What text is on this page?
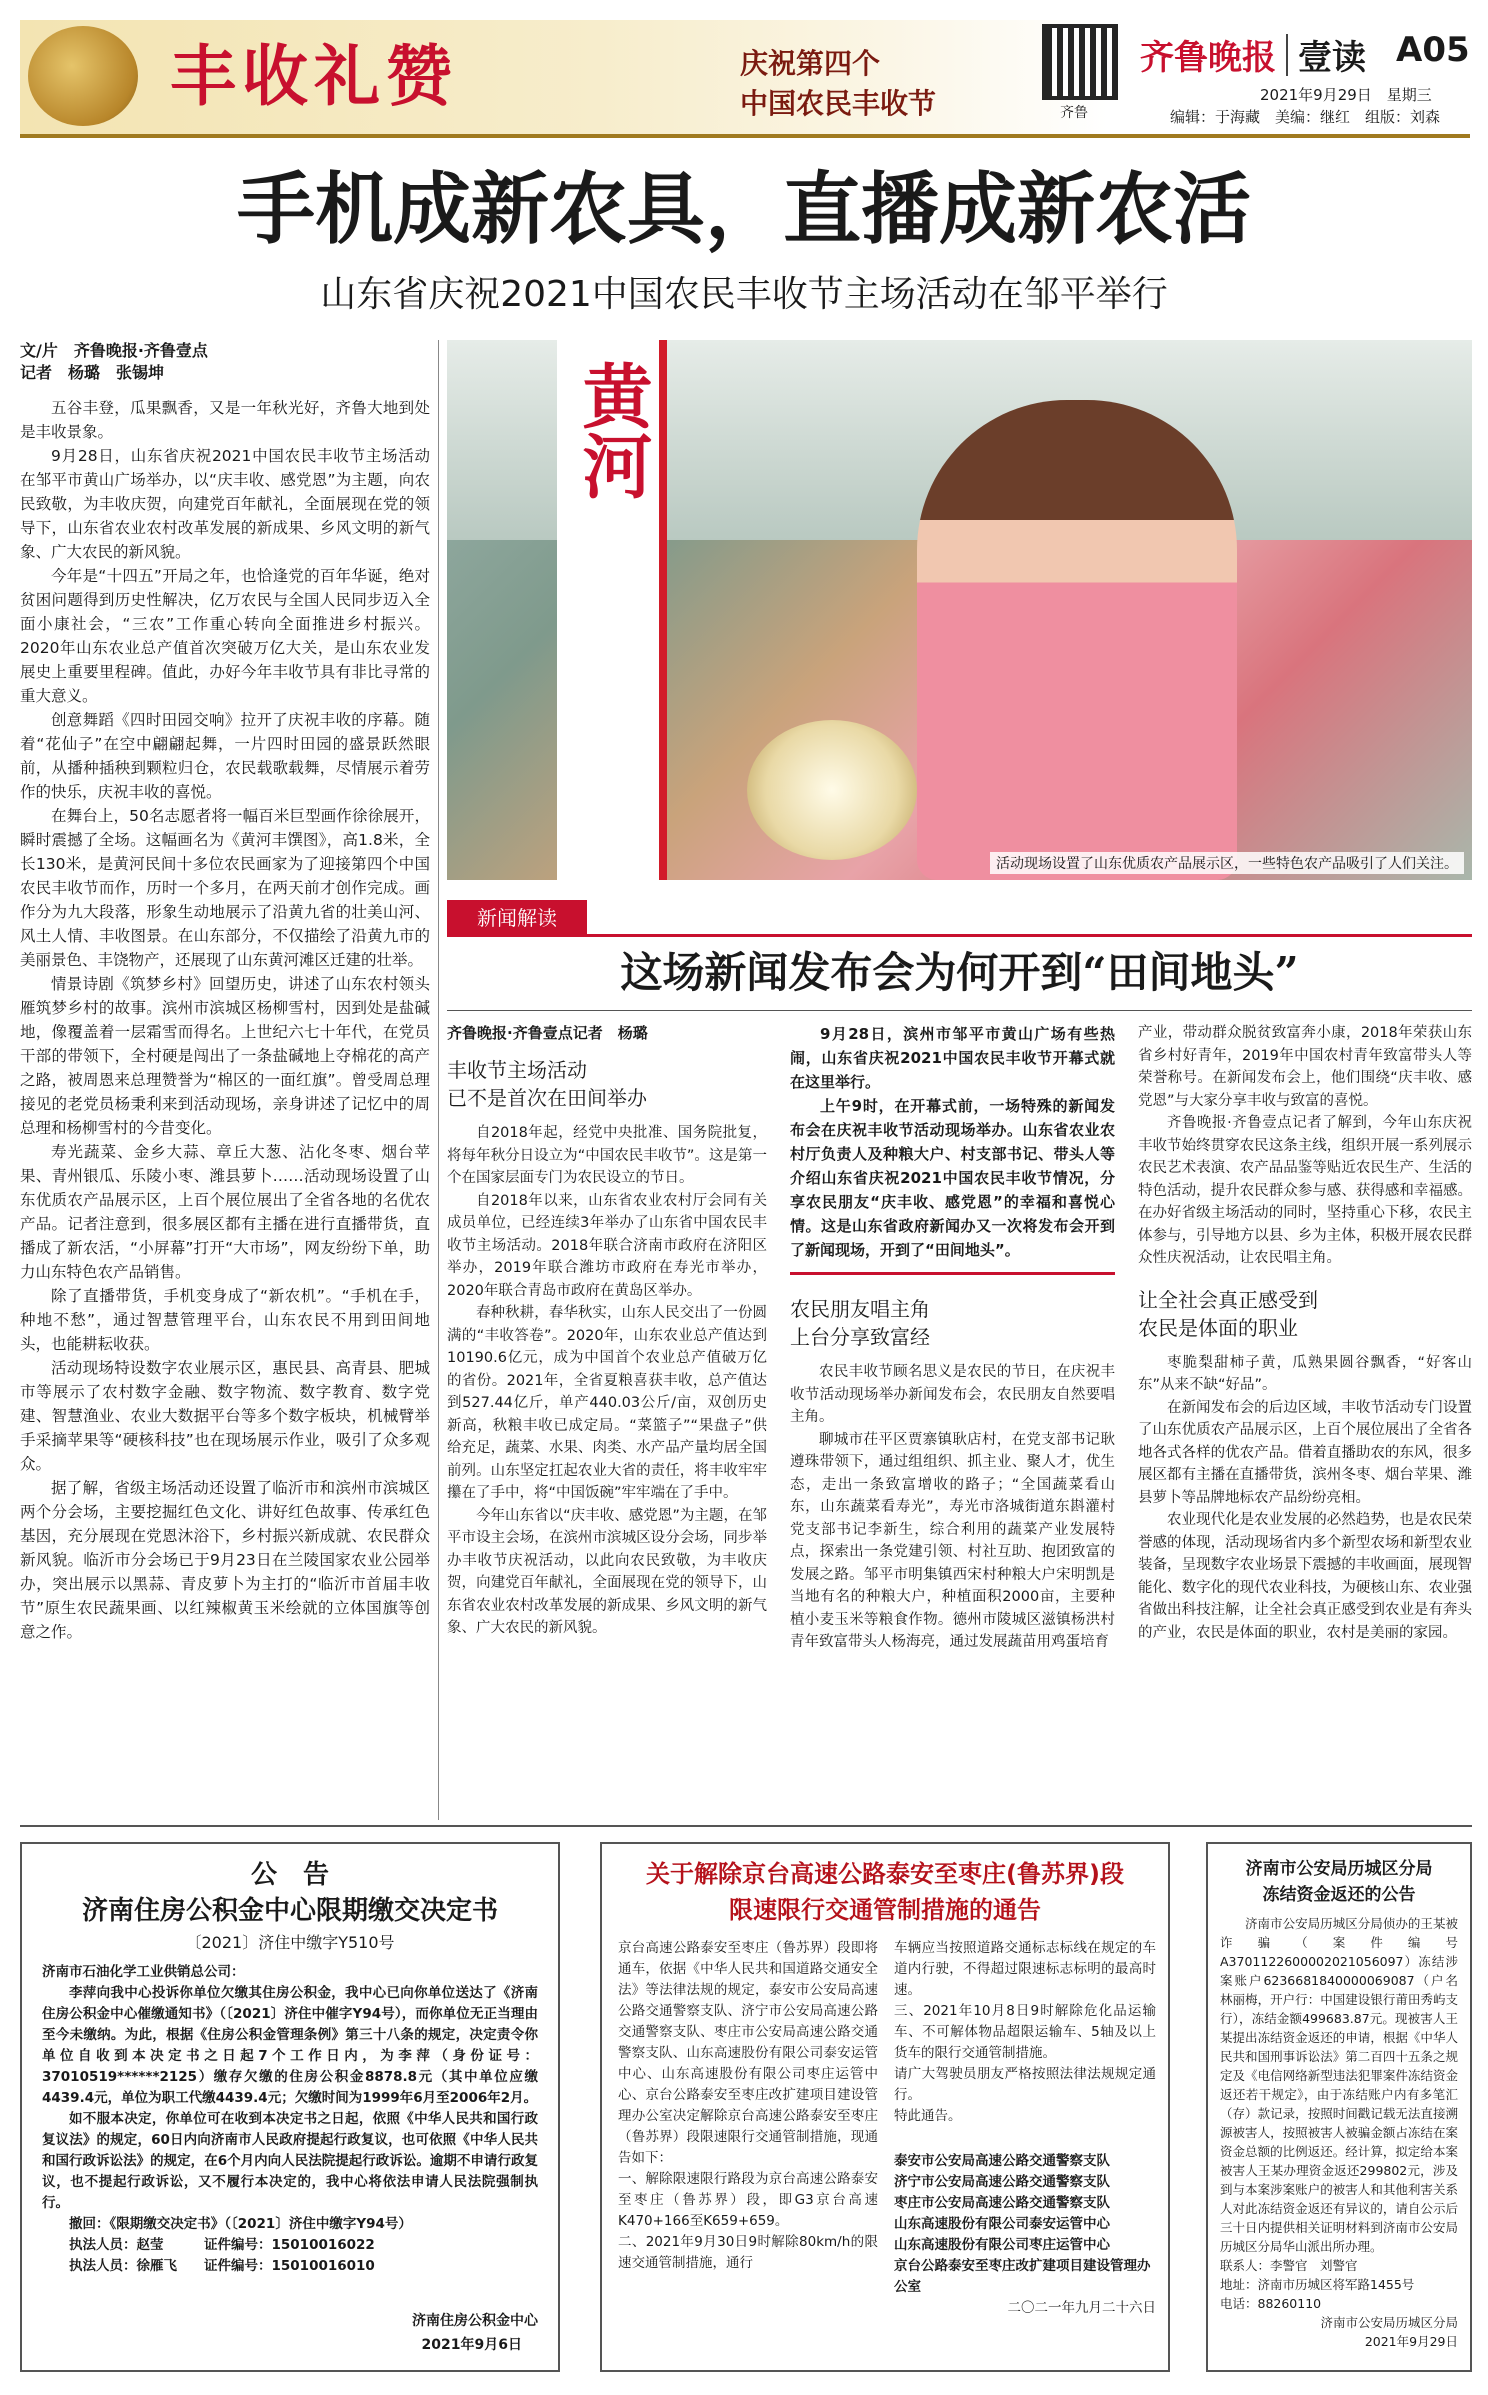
丰收礼赞	庆祝第四个
中国农民丰收节	齐鲁
齐鲁晚报 壹读 A05
2021年9月29日　星期三
编辑：于海藏　美编：继红　组版：刘森
手机成新农具，直播成新农活
山东省庆祝2021中国农民丰收节主场活动在邹平举行
文/片　齐鲁晚报·齐鲁壹点
记者　杨璐　张锡坤

五谷丰登，瓜果飘香，又是一年秋光好，齐鲁大地到处是丰收景象。

9月28日，山东省庆祝2021中国农民丰收节主场活动在邹平市黄山广场举办，以“庆丰收、感党恩”为主题，向农民致敬，为丰收庆贺，向建党百年献礼，全面展现在党的领导下，山东省农业农村改革发展的新成果、乡风文明的新气象、广大农民的新风貌。

今年是“十四五”开局之年，也恰逢党的百年华诞，绝对贫困问题得到历史性解决，亿万农民与全国人民同步迈入全面小康社会，“三农”工作重心转向全面推进乡村振兴。2020年山东农业总产值首次突破万亿大关，是山东农业发展史上重要里程碑。值此，办好今年丰收节具有非比寻常的重大意义。

创意舞蹈《四时田园交响》拉开了庆祝丰收的序幕。随着“花仙子”在空中翩翩起舞，一片四时田园的盛景跃然眼前，从播种插秧到颗粒归仓，农民载歌载舞，尽情展示着劳作的快乐，庆祝丰收的喜悦。

在舞台上，50名志愿者将一幅百米巨型画作徐徐展开，瞬时震撼了全场。这幅画名为《黄河丰馔图》，高1.8米，全长130米，是黄河民间十多位农民画家为了迎接第四个中国农民丰收节而作，历时一个多月，在两天前才创作完成。画作分为九大段落，形象生动地展示了沿黄九省的壮美山河、风土人情、丰收图景。在山东部分，不仅描绘了沿黄九市的美丽景色、丰饶物产，还展现了山东黄河滩区迁建的壮举。

情景诗剧《筑梦乡村》回望历史，讲述了山东农村领头雁筑梦乡村的故事。滨州市滨城区杨柳雪村，因到处是盐碱地，像覆盖着一层霜雪而得名。上世纪六七十年代，在党员干部的带领下，全村硬是闯出了一条盐碱地上夺棉花的高产之路，被周恩来总理赞誉为“棉区的一面红旗”。曾受周总理接见的老党员杨秉利来到活动现场，亲身讲述了记忆中的周总理和杨柳雪村的今昔变化。

寿光蔬菜、金乡大蒜、章丘大葱、沾化冬枣、烟台苹果、青州银瓜、乐陵小枣、潍县萝卜……活动现场设置了山东优质农产品展示区，上百个展位展出了全省各地的名优农产品。记者注意到，很多展区都有主播在进行直播带货，直播成了新农活，“小屏幕”打开“大市场”，网友纷纷下单，助力山东特色农产品销售。

除了直播带货，手机变身成了“新农机”。“手机在手，种地不愁”，通过智慧管理平台，山东农民不用到田间地头，也能耕耘收获。

活动现场特设数字农业展示区，惠民县、高青县、肥城市等展示了农村数字金融、数字物流、数字教育、数字党建、智慧渔业、农业大数据平台等多个数字板块，机械臂举手采摘苹果等“硬核科技”也在现场展示作业，吸引了众多观众。

据了解，省级主场活动还设置了临沂市和滨州市滨城区两个分会场，主要挖掘红色文化、讲好红色故事、传承红色基因，充分展现在党恩沐浴下，乡村振兴新成就、农民群众新风貌。临沂市分会场已于9月23日在兰陵国家农业公园举办，突出展示以黑蒜、青皮萝卜为主打的“临沂市首届丰收节”原生农民蔬果画、以红辣椒黄玉米绘就的立体国旗等创意之作。

黄河
活动现场设置了山东优质农产品展示区，一些特色农产品吸引了人们关注。
新闻解读
这场新闻发布会为何开到“田间地头”
齐鲁晚报·齐鲁壹点记者　杨璐
丰收节主场活动
已不是首次在田间举办

自2018年起，经党中央批准、国务院批复，将每年秋分日设立为“中国农民丰收节”。这是第一个在国家层面专门为农民设立的节日。

自2018年以来，山东省农业农村厅会同有关成员单位，已经连续3年举办了山东省中国农民丰收节主场活动。2018年联合济南市政府在济阳区举办，2019年联合潍坊市政府在寿光市举办，2020年联合青岛市政府在黄岛区举办。

春种秋耕，春华秋实，山东人民交出了一份圆满的“丰收答卷”。2020年，山东农业总产值达到10190.6亿元，成为中国首个农业总产值破万亿的省份。2021年，全省夏粮喜获丰收，总产值达到527.44亿斤，单产440.03公斤/亩，双创历史新高，秋粮丰收已成定局。“菜篮子”“果盘子”供给充足，蔬菜、水果、肉类、水产品产量均居全国前列。山东坚定扛起农业大省的责任，将丰收牢牢攥在了手中，将“中国饭碗”牢牢端在了手中。

今年山东省以“庆丰收、感党恩”为主题，在邹平市设主会场，在滨州市滨城区设分会场，同步举办丰收节庆祝活动，以此向农民致敬，为丰收庆贺，向建党百年献礼，全面展现在党的领导下，山东省农业农村改革发展的新成果、乡风文明的新气象、广大农民的新风貌。

9月28日，滨州市邹平市黄山广场有些热闹，山东省庆祝2021中国农民丰收节开幕式就在这里举行。

上午9时，在开幕式前，一场特殊的新闻发布会在庆祝丰收节活动现场举办。山东省农业农村厅负责人及种粮大户、村支部书记、带头人等介绍山东省庆祝2021中国农民丰收节情况，分享农民朋友“庆丰收、感党恩”的幸福和喜悦心情。这是山东省政府新闻办又一次将发布会开到了新闻现场，开到了“田间地头”。

农民朋友唱主角
上台分享致富经

农民丰收节顾名思义是农民的节日，在庆祝丰收节活动现场举办新闻发布会，农民朋友自然要唱主角。

聊城市茌平区贾寨镇耿店村，在党支部书记耿遵珠带领下，通过组组织、抓主业、聚人才，优生态，走出一条致富增收的路子；“全国蔬菜看山东，山东蔬菜看寿光”，寿光市洛城街道东斟灌村党支部书记李新生，综合利用的蔬菜产业发展特点，探索出一条党建引领、村社互助、抱团致富的发展之路。邹平市明集镇西宋村种粮大户宋明凯是当地有名的种粮大户，种植面积2000亩，主要种植小麦玉米等粮食作物。德州市陵城区滋镇杨洪村青年致富带头人杨海亮，通过发展蔬苗用鸡蛋培育

产业，带动群众脱贫致富奔小康，2018年荣获山东省乡村好青年，2019年中国农村青年致富带头人等荣誉称号。在新闻发布会上，他们围绕“庆丰收、感党恩”与大家分享丰收与致富的喜悦。

齐鲁晚报·齐鲁壹点记者了解到，今年山东庆祝丰收节始终贯穿农民这条主线，组织开展一系列展示农民艺术表演、农产品品鉴等贴近农民生产、生活的特色活动，提升农民群众参与感、获得感和幸福感。在办好省级主场活动的同时，坚持重心下移，农民主体参与，引导地方以县、乡为主体，积极开展农民群众性庆祝活动，让农民唱主角。

让全社会真正感受到
农民是体面的职业

枣脆梨甜柿子黄，瓜熟果圆谷飘香，“好客山东”从来不缺“好品”。

在新闻发布会的后边区域，丰收节活动专门设置了山东优质农产品展示区，上百个展位展出了全省各地各式各样的优农产品。借着直播助农的东风，很多展区都有主播在直播带货，滨州冬枣、烟台苹果、潍县萝卜等品牌地标农产品纷纷亮相。

农业现代化是农业发展的必然趋势，也是农民荣誉感的体现，活动现场省内多个新型农场和新型农业装备，呈现数字农业场景下震撼的丰收画面，展现智能化、数字化的现代农业科技，为硬核山东、农业强省做出科技注解，让全社会真正感受到农业是有奔头的产业，农民是体面的职业，农村是美丽的家园。

公　告
济南住房公积金中心限期缴交决定书
〔2021〕济住中缴字Y510号
济南市石油化学工业供销总公司：

李萍向我中心投诉你单位欠缴其住房公积金，我中心已向你单位送达了《济南住房公积金中心催缴通知书》（〔2021〕济住中催字Y94号），而你单位无正当理由至今未缴纳。为此，根据《住房公积金管理条例》第三十八条的规定，决定责令你单位自收到本决定书之日起7个工作日内，为李萍（身份证号：37010519******2125）缴存欠缴的住房公积金8878.8元（其中单位应缴4439.4元，单位为职工代缴4439.4元；欠缴时间为1999年6月至2006年2月。

如不服本决定，你单位可在收到本决定书之日起，依照《中华人民共和国行政复议法》的规定，60日内向济南市人民政府提起行政复议，也可依照《中华人民共和国行政诉讼法》的规定，在6个月内向人民法院提起行政诉讼。逾期不申请行政复议，也不提起行政诉讼，又不履行本决定的，我中心将依法申请人民法院强制执行。

撤回：《限期缴交决定书》（〔2021〕济住中缴字Y94号）

执法人员：赵莹　　　证件编号：15010016022
执法人员：徐雁飞　　证件编号：15010016010
济南住房公积金中心
2021年9月6日
关于解除京台高速公路泰安至枣庄(鲁苏界)段
限速限行交通管制措施的通告
京台高速公路泰安至枣庄（鲁苏界）段即将通车，依据《中华人民共和国道路交通安全法》等法律法规的规定，泰安市公安局高速公路交通警察支队、济宁市公安局高速公路交通警察支队、枣庄市公安局高速公路交通警察支队、山东高速股份有限公司泰安运管中心、山东高速股份有限公司枣庄运管中心、京台公路泰安至枣庄改扩建项目建设管理办公室决定解除京台高速公路泰安至枣庄（鲁苏界）段限速限行交通管制措施，现通告如下：
一、解除限速限行路段为京台高速公路泰安至枣庄（鲁苏界）段，即G3京台高速K470+166至K659+659。
二、2021年9月30日9时解除80km/h的限速交通管制措施，通行
车辆应当按照道路交通标志标线在规定的车道内行驶，不得超过限速标志标明的最高时速。
三、2021年10月8日9时解除危化品运输车、不可解体物品超限运输车、5轴及以上货车的限行交通管制措施。
请广大驾驶员朋友严格按照法律法规规定通行。
特此通告。
泰安市公安局高速公路交通警察支队
济宁市公安局高速公路交通警察支队
枣庄市公安局高速公路交通警察支队
山东高速股份有限公司泰安运管中心
山东高速股份有限公司枣庄运管中心
京台公路泰安至枣庄改扩建项目建设管理办公室
二〇二一年九月二十六日
济南市公安局历城区分局
冻结资金返还的公告

济南市公安局历城区分局侦办的王某被诈骗（案件编号A3701122600002021056097）冻结涉案账户6236681840000069087（户名林丽梅，开户行：中国建设银行莆田秀屿支行），冻结金额499683.87元。现被害人王某提出冻结资金返还的申请，根据《中华人民共和国刑事诉讼法》第二百四十五条之规定及《电信网络新型违法犯罪案件冻结资金返还若干规定》，由于冻结账户内有多笔汇（存）款记录，按照时间戳记载无法直接溯源被害人，按照被害人被骗金额占冻结在案资金总额的比例返还。经计算，拟定给本案被害人王某办理资金返还299802元，涉及到与本案涉案账户的被害人和其他利害关系人对此冻结资金返还有异议的，请自公示后三十日内提供相关证明材料到济南市公安局历城区分局华山派出所办理。

联系人：李警官　刘警官
地址：济南市历城区将军路1455号
电话：88260110
济南市公安局历城区分局
2021年9月29日
